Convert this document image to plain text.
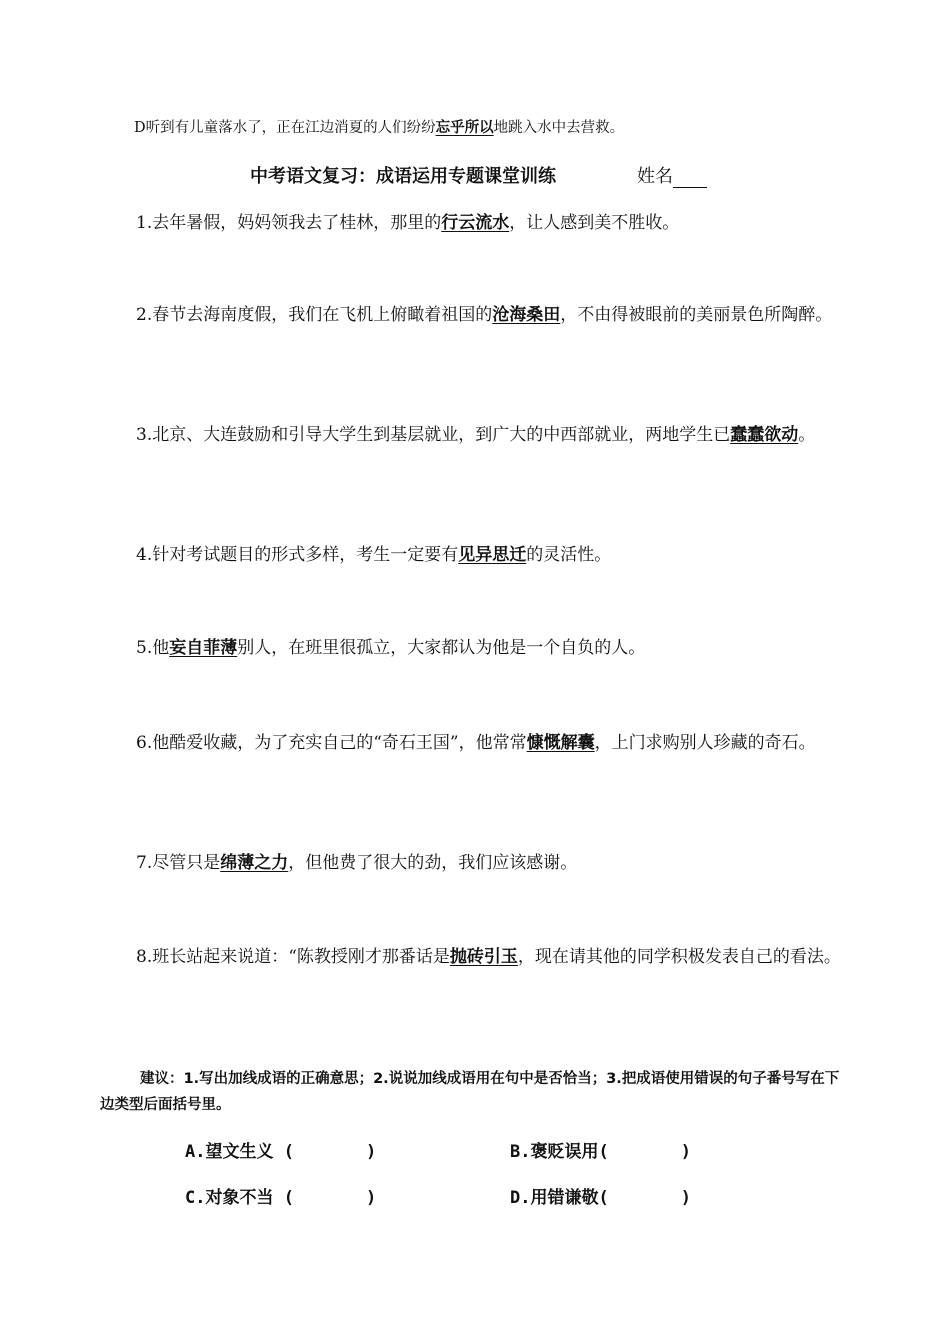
D听到有儿童落水了，正在江边消夏的人们纷纷忘乎所以地跳入水中去营救。
中考语文复习：成语运用专题课堂训练	姓名
1.去年暑假，妈妈领我去了桂林，那里的行云流水，让人感到美不胜收。
2.春节去海南度假，我们在飞机上俯瞰着祖国的沧海桑田，不由得被眼前的美丽景色所陶醉。
3.北京、大连鼓励和引导大学生到基层就业，到广大的中西部就业，两地学生已蠢蠢欲动。
4.针对考试题目的形式多样，考生一定要有见异思迁的灵活性。
5.他妄自菲薄别人，在班里很孤立，大家都认为他是一个自负的人。
6.他酷爱收藏，为了充实自己的“奇石王国”，他常常慷慨解囊，上门求购别人珍藏的奇石。
7.尽管只是绵薄之力，但他费了很大的劲，我们应该感谢。
8.班长站起来说道：“陈教授刚才那番话是抛砖引玉，现在请其他的同学积极发表自己的看法。
建议：1.写出加线成语的正确意思；2.说说加线成语用在句中是否恰当；3.把成语使用错误的句子番号写在下边类型后面括号里。
A.望文生义 (	)	B.褒贬误用(	)
C.对象不当 (	)	D.用错谦敬(	)
